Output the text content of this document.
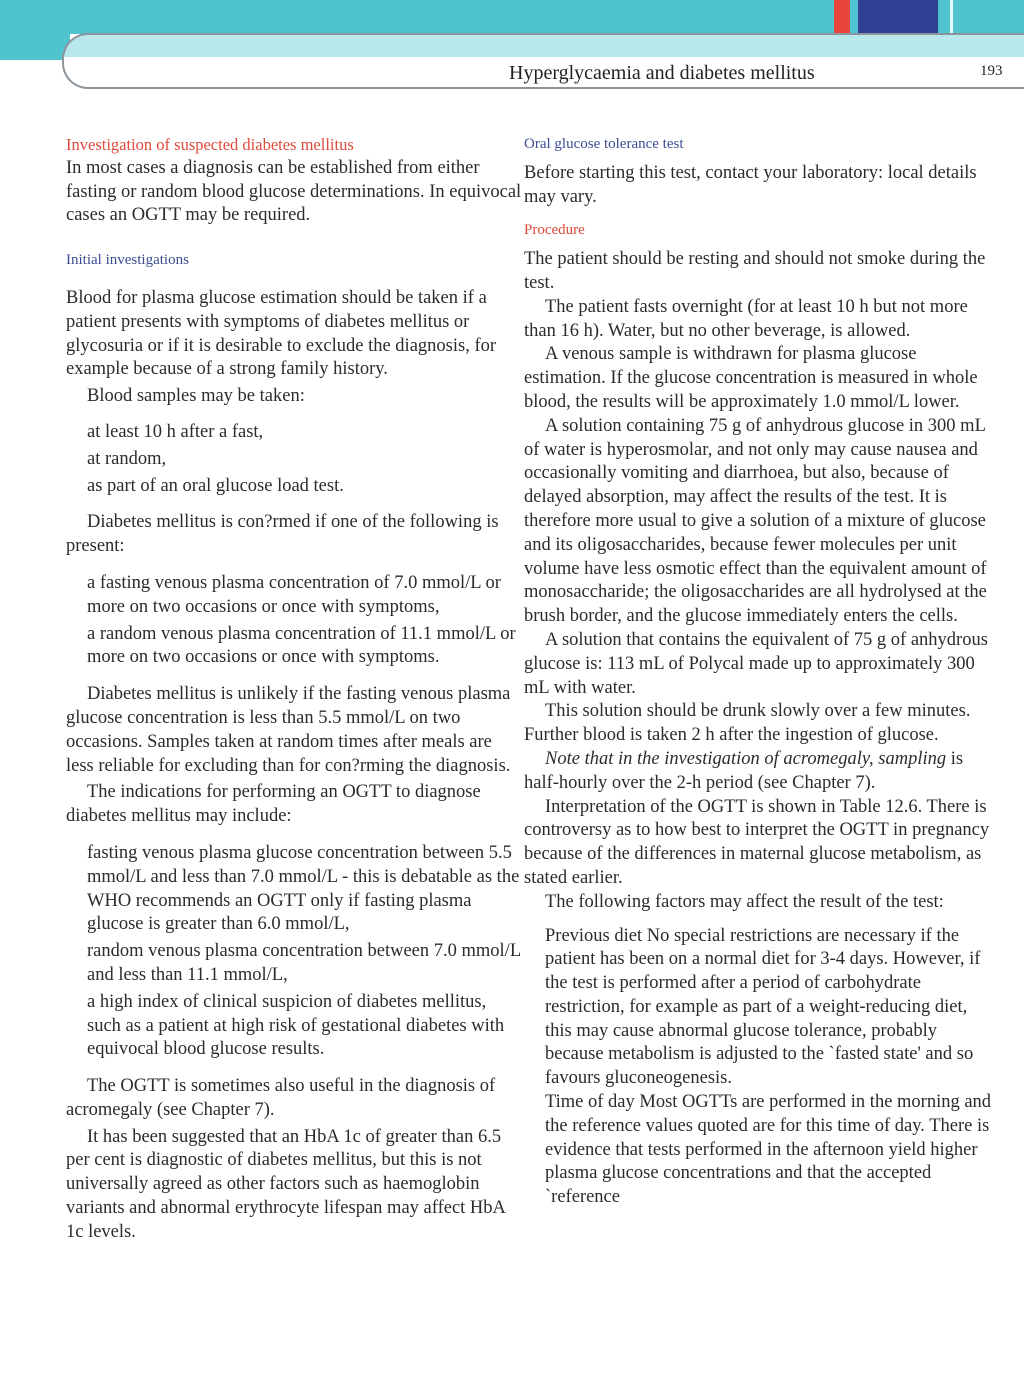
Hyperglycaemia and diabetes mellitus	193

Investigation of suspected diabetes mellitus

In most cases a diagnosis can be established from either fasting or random blood glucose determinations. In equivocal cases an OGTT may be required.

Initial investigations

Blood for plasma glucose estimation should be taken if a patient presents with symptoms of diabetes mellitus or glycosuria or if it is desirable to exclude the diagnosis, for example because of a strong family history.

Blood samples may be taken:

at least 10 h after a fast,

at random,

as part of an oral glucose load test.

Diabetes mellitus is con?rmed if one of the following is present:

a fasting venous plasma concentration of 7.0 mmol/L or more on two occasions or once with symptoms,

a random venous plasma concentration of 11.1 mmol/L or more on two occasions or once with symptoms.

Diabetes mellitus is unlikely if the fasting venous plasma glucose concentration is less than 5.5 mmol/L on two occasions. Samples taken at random times after meals are less reliable for excluding than for con?rming the diagnosis.

The indications for performing an OGTT to diagnose diabetes mellitus may include:

fasting venous plasma glucose concentration between 5.5 mmol/L and less than 7.0 mmol/L - this is debatable as the WHO recommends an OGTT only if fasting plasma glucose is greater than 6.0 mmol/L,

random venous plasma concentration between 7.0 mmol/L and less than 11.1 mmol/L,

a high index of clinical suspicion of diabetes mellitus, such as a patient at high risk of gestational diabetes with equivocal blood glucose results.

The OGTT is sometimes also useful in the diagnosis of acromegaly (see Chapter 7).

It has been suggested that an HbA 1c of greater than 6.5 per cent is diagnostic of diabetes mellitus, but this is not universally agreed as other factors such as haemoglobin variants and abnormal erythrocyte lifespan may affect HbA 1c levels.

Oral glucose tolerance test

Before starting this test, contact your laboratory: local details may vary.

Procedure

The patient should be resting and should not smoke during the test.

The patient fasts overnight (for at least 10 h but not more than 16 h). Water, but no other beverage, is allowed.

A venous sample is withdrawn for plasma glucose estimation. If the glucose concentration is measured in whole blood, the results will be approximately 1.0 mmol/L lower.

A solution containing 75 g of anhydrous glucose in 300 mL of water is hyperosmolar, and not only may cause nausea and occasionally vomiting and diarrhoea, but also, because of delayed absorption, may affect the results of the test. It is therefore more usual to give a solution of a mixture of glucose and its oligosaccharides, because fewer molecules per unit volume have less osmotic effect than the equivalent amount of monosaccharide; the oligosaccharides are all hydrolysed at the brush border, and the glucose immediately enters the cells.

A solution that contains the equivalent of 75 g of anhydrous glucose is: 113 mL of Polycal made up to approximately 300 mL with water.

This solution should be drunk slowly over a few minutes. Further blood is taken 2 h after the ingestion of glucose.

Note that in the investigation of acromegaly, sampling is half-hourly over the 2-h period (see Chapter 7).

Interpretation of the OGTT is shown in Table 12.6. There is controversy as to how best to interpret the OGTT in pregnancy because of the differences in maternal glucose metabolism, as stated earlier.

The following factors may affect the result of the test:

Previous diet No special restrictions are necessary if the patient has been on a normal diet for 3-4 days. However, if the test is performed after a period of carbohydrate restriction, for example as part of a weight-reducing diet, this may cause abnormal glucose tolerance, probably because metabolism is adjusted to the `fasted state' and so favours gluconeogenesis.

Time of day Most OGTTs are performed in the morning and the reference values quoted are for this time of day. There is evidence that tests performed in the afternoon yield higher plasma glucose concentrations and that the accepted `reference
